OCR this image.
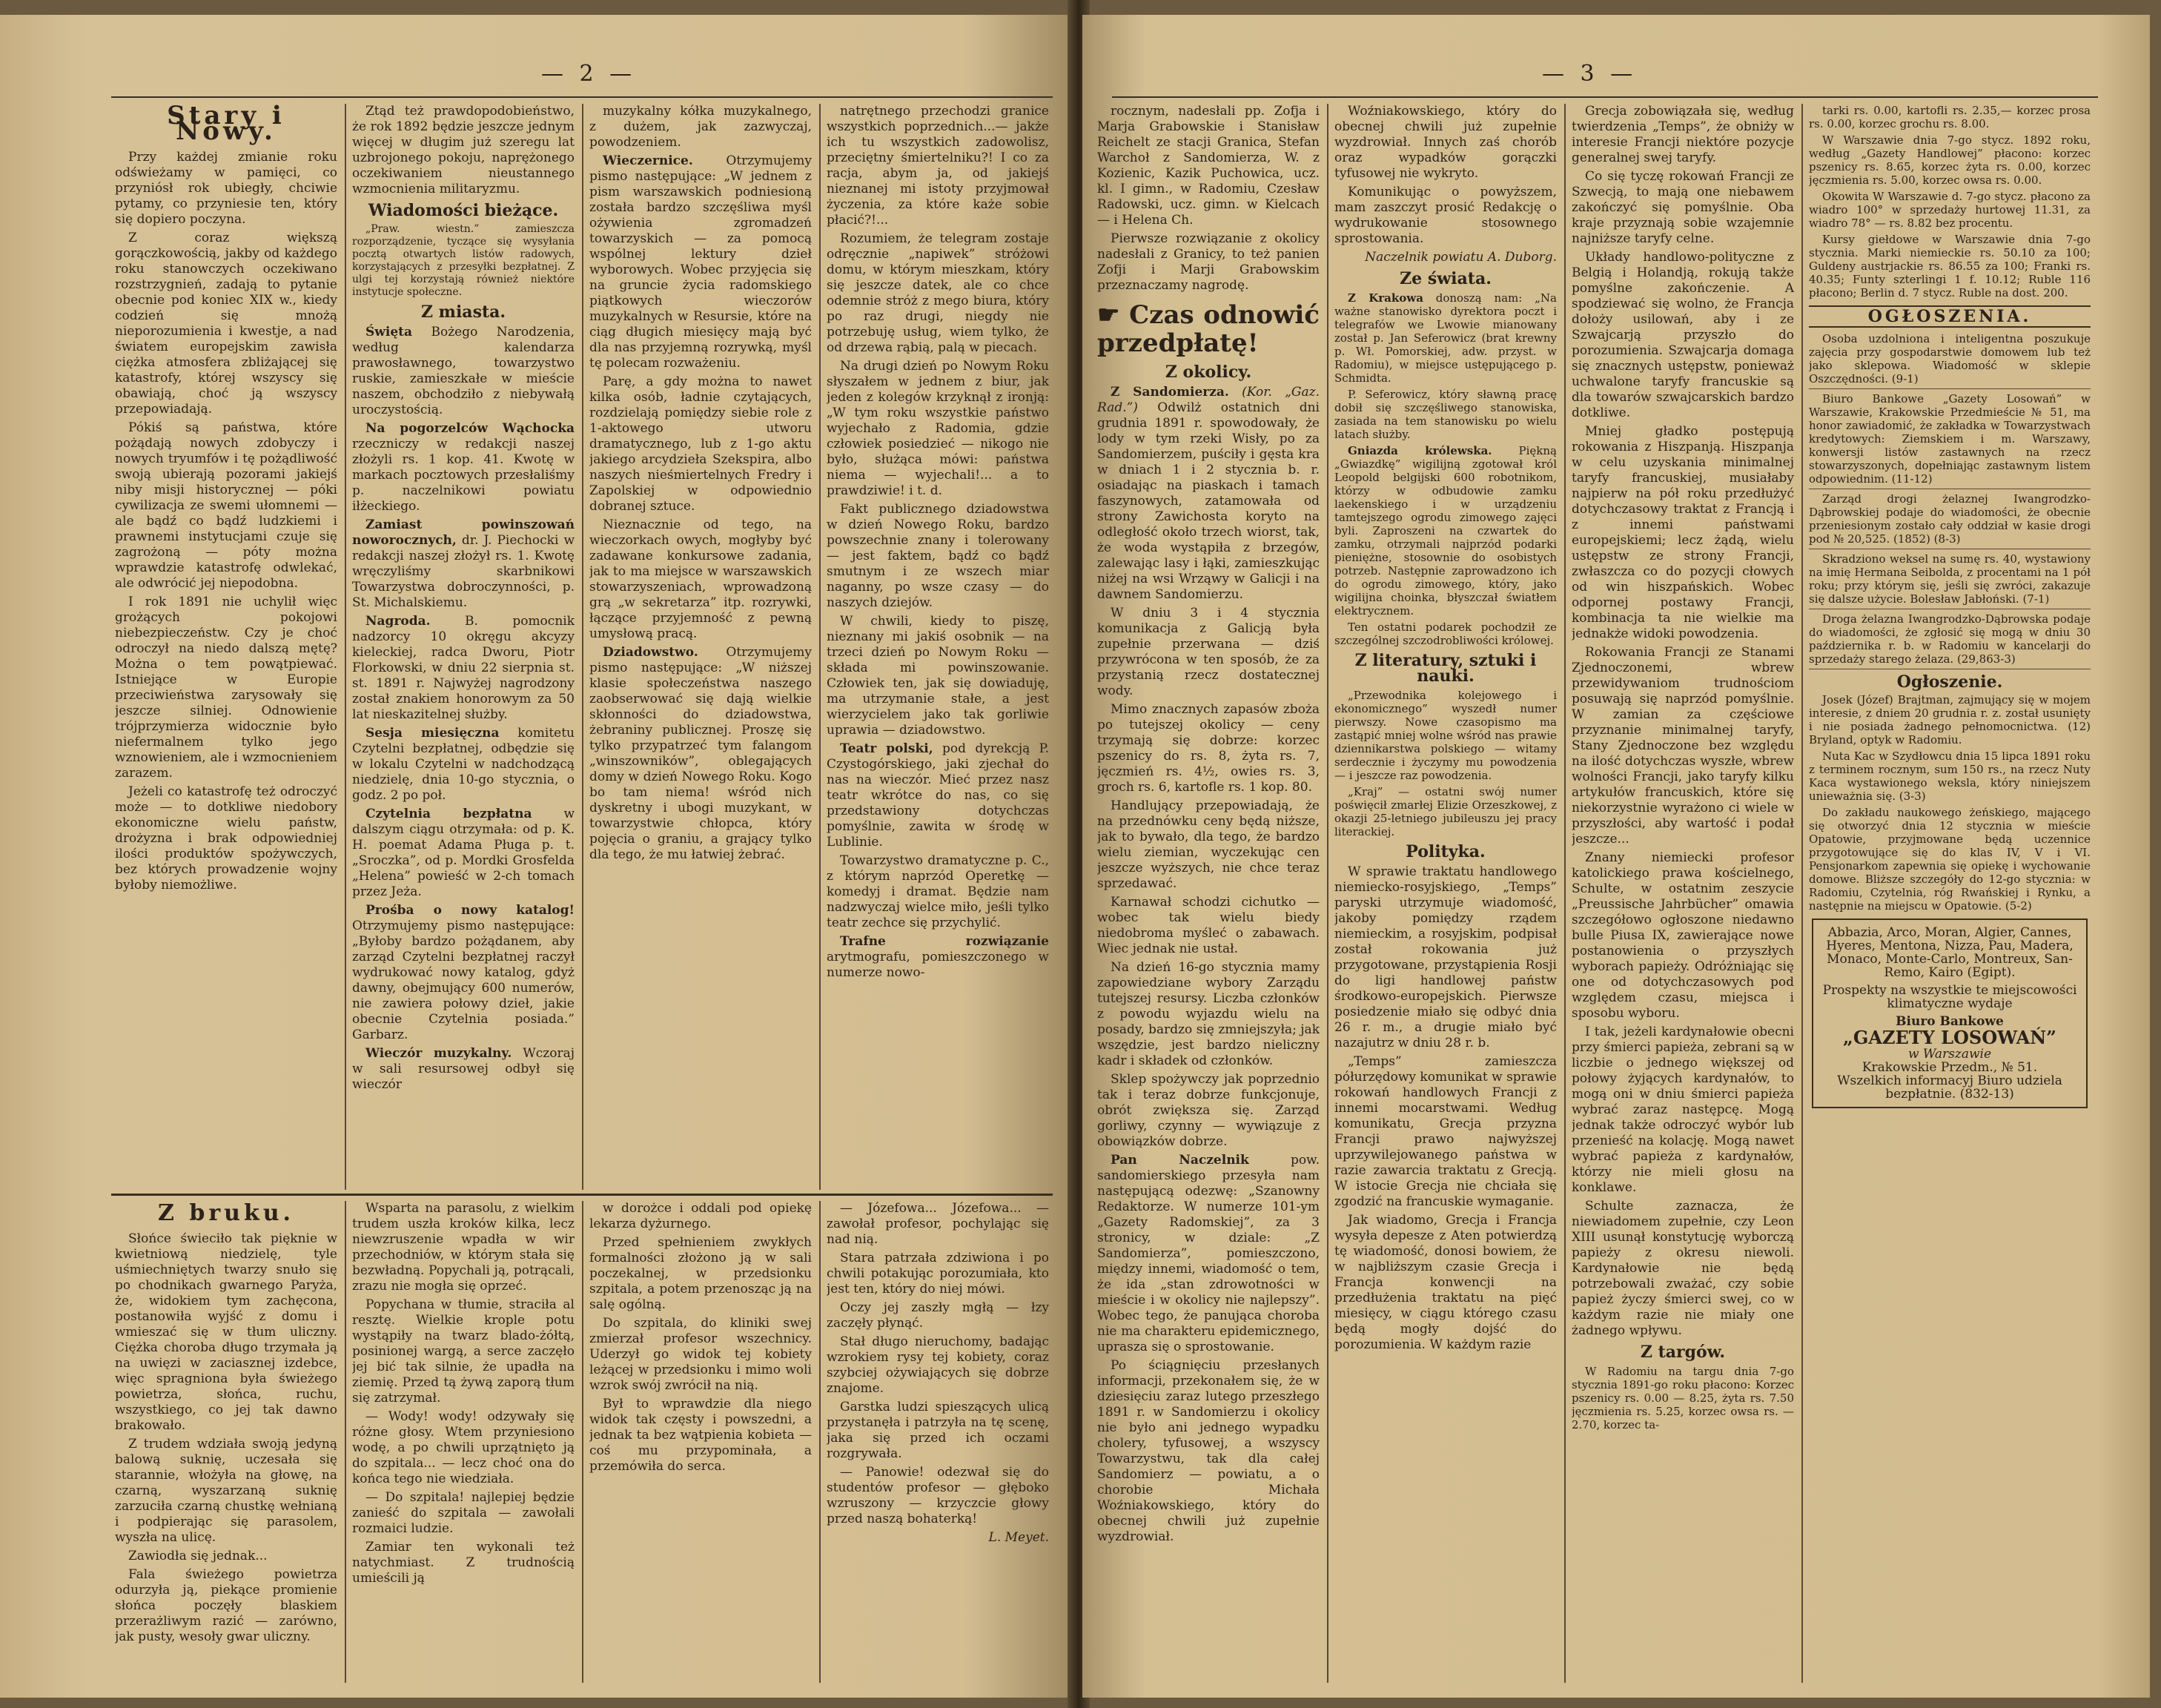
— 2 —
Stary i Nowy.

Przy każdej zmianie roku odświeżamy w pamięci, co przyniósł rok ubiegły, chciwie pytamy, co przyniesie ten, który się dopiero poczyna.

Z coraz większą gorączkowością, jakby od każdego roku stanowczych oczekiwano rozstrzygnień, zadają to pytanie obecnie pod koniec XIX w., kiedy codzień się mnożą nieporozumienia i kwestje, a nad światem europejskim zawisła ciężka atmosfera zbliżającej się katastrofy, której wszyscy się obawiają, choć ją wszyscy przepowiadają.

Pókiś są państwa, które pożądają nowych zdobyczy i nowych tryumfów i tę pożądliwość swoją ubierają pozorami jakiejś niby misji historycznej — póki cywilizacja ze swemi ułomnemi — ale bądź co bądź ludzkiemi i prawnemi instytucjami czuje się zagrożoną — póty można wprawdzie katastrofę odwlekać, ale odwrócić jej niepodobna.

I rok 1891 nie uchylił więc grożących pokojowi niebezpieczeństw. Czy je choć odroczył na niedo dalszą mętę? Można o tem powątpiewać. Istniejące w Europie przeciwieństwa zarysowały się jeszcze silniej. Odnowienie trójprzymierza widocznie było niefermalnem tylko jego wznowieniem, ale i wzmocnieniem zarazem.

Jeżeli co katastrofę też odroczyć może — to dotkliwe niedobory ekonomiczne wielu państw, drożyzna i brak odpowiedniej ilości produktów spożywczych, bez których prowadzenie wojny byłoby niemożliwe.

Ztąd też prawdopodobieństwo, że rok 1892 będzie jeszcze jednym więcej w długim już szeregu lat uzbrojonego pokoju, naprężonego oczekiwaniem nieustannego wzmocnienia militaryzmu.

Wiadomości bieżące.

„Praw. wiestn.” zamieszcza rozporządzenie, tyczące się wysyłania pocztą otwartych listów radowych, korzystających z przesyłki bezpłatnej. Z ulgi tej korzystają również niektóre instytucje społeczne.

Z miasta.

Święta Bożego Narodzenia, według kalendarza prawosławnego, towarzystwo ruskie, zamieszkałe w mieście naszem, obchodziło z niebywałą uroczystością.

Na pogorzelców Wąchocka rzeczniczy w redakcji naszej złożyli rs. 1 kop. 41. Kwotę w markach pocztowych przesłaliśmy p. naczelnikowi powiatu iłżeckiego.

Zamiast powinszowań noworocznych, dr. J. Piechocki w redakcji naszej złożył rs. 1. Kwotę wręczyliśmy skarbnikowi Towarzystwa dobroczynności, p. St. Michalskiemu.

Nagroda.	B. pomocnik nadzorcy 10 okręgu akcyzy kieleckiej, radca Dworu, Piotr Florkowski, w dniu 22 sierpnia st. st. 1891 r. Najwyżej nagrodzony został znakiem honorowym za 50 lat nieskazitelnej służby.

Sesja miesięczna komitetu Czytelni bezpłatnej, odbędzie się w lokalu Czytelni w nadchodzącą niedzielę, dnia 10-go stycznia, o godz. 2 po poł.

Czytelnia bezpłatna	w dalszym ciągu otrzymała: od p. K. H. poemat Adama Pługa p. t. „Sroczka”, od p. Mordki Grosfelda „Helena” powieść w 2-ch tomach przez Jeża.

Prośba o nowy katalog! Otrzymujemy pismo następujące: „Byłoby bardzo pożądanem, aby zarząd Czytelni bezpłatnej raczył wydrukować nowy katalog, gdyż dawny, obejmujący 600 numerów, nie zawiera połowy dzieł, jakie obecnie Czytelnia posiada.” Garbarz.

Wieczór muzykalny. Wczoraj w sali resursowej odbył się wieczór

muzykalny kółka muzykalnego, z dużem, jak zazwyczaj, powodzeniem.

Wieczernice.	Otrzymujemy pismo następujące: „W jednem z pism warszawskich podniesioną została bardzo szczęśliwa myśl ożywienia zgromadzeń towarzyskich — za pomocą wspólnej lektury dzieł wyborowych. Wobec przyjęcia się na gruncie życia radomskiego piątkowych wieczorów muzykalnych w Resursie, które na ciąg długich miesięcy mają być dla nas przyjemną rozrywką, myśl tę polecam rozważeniu.

Parę, a gdy można to nawet kilka osób, ładnie czytających, rozdzielają pomiędzy siebie role z 1-aktowego utworu dramatycznego, lub z 1-go aktu jakiego arcydzieła Szekspira, albo naszych nieśmiertelnych Fredry i Zapolskiej w odpowiednio dobranej sztuce.

Nieznacznie od tego, na wieczorkach owych, mogłyby być zadawane konkursowe zadania, jak to ma miejsce w warszawskich stowarzyszeniach, wprowadzoną grą „w sekretarza” itp. rozrywki, łączące przyjemność z pewną umysłową pracą.

Dziadowstwo. Otrzymujemy pismo następujące: „W niższej klasie społeczeństwa naszego zaobserwować się dają wielkie skłonności do dziadowstwa, żebraniny publicznej. Proszę się tylko przypatrzeć tym falangom „winszowników”, oblegających domy w dzień Nowego Roku. Kogo bo tam niema! wśród nich dyskretny i ubogi muzykant, w towarzystwie chłopca, który pojęcia o graniu, a grający tylko dla tego, że mu łatwiej żebrać.

natrętnego przechodzi granice wszystkich poprzednich...— jakże ich tu wszystkich zadowolisz, przeciętny śmiertelniku?! I co za racja, abym ja, od jakiejś nieznanej mi istoty przyjmował życzenia, za które każe sobie płacić?!...

Rozumiem, że telegram zostaje odręcznie „napiwek” stróżowi domu, w którym mieszkam, który się jeszcze datek, ale co chce odemnie stróż z mego biura, który po raz drugi, niegdy nie potrzebuję usług, wiem tylko, że od drzewa rąbią, palą w piecach.

Na drugi dzień po Nowym Roku słyszałem w jednem z biur, jak jeden z kolegów krzyknął z ironją: „W tym roku wszystkie państwo wyjechało z Radomia, gdzie człowiek posiedzieć — nikogo nie było, służąca mówi: państwa niema — wyjechali!... a to prawdziwie! i t. d.

Fakt publicznego dziadowstwa w dzień Nowego Roku, bardzo powszechnie znany i tolerowany — jest faktem, bądź co bądź smutnym i ze wszech miar naganny, po wsze czasy — do naszych dziejów.

W chwili, kiedy to piszę, nieznany mi jakiś osobnik — na trzeci dzień po Nowym Roku — składa mi powinszowanie. Człowiek ten, jak się dowiaduję, ma utrzymanie stałe, a jest wierzycielem jako tak gorliwie uprawia — dziadowstwo.

Teatr polski, pod dyrekcją P. Czystogórskiego, jaki zjechał do nas na wieczór. Mieć przez nasz teatr wkrótce do nas, co się przedstawiony dotychczas pomyślnie, zawita w środę w Lublinie.

Towarzystwo dramatyczne p. C., z którym naprzód Operetkę — komedyj i dramat. Będzie nam nadzwyczaj wielce miło, jeśli tylko teatr zechce się przychylić.

Trafne rozwiązanie arytmografu, pomieszczonego w numerze nowo-

Z bruku.

Słońce świeciło tak pięknie w kwietniową niedzielę, tyle uśmiechniętych twarzy snuło się po chodnikach gwarnego Paryża, że, widokiem tym zachęcona, postanowiła wyjść z domu i wmieszać się w tłum uliczny. Ciężka choroba długo trzymała ją na uwięzi w zaciasznej izdebce, więc spragniona była świeżego powietrza, słońca, ruchu, wszystkiego, co jej tak dawno brakowało.

Z trudem wdziała swoją jedyną balową suknię, uczesała się starannie, włożyła na głowę, na czarną, wyszarzaną suknię zarzuciła czarną chustkę wełnianą i podpierając się parasolem, wyszła na ulicę.

Zawiodła się jednak...

Fala świeżego powietrza odurzyła ją, piekące promienie słońca poczęły blaskiem przerażliwym razić — zarówno, jak pusty, wesoły gwar uliczny.

Wsparta na parasolu, z wielkim trudem uszła kroków kilka, lecz niewzruszenie wpadła w wir przechodniów, w którym stała się bezwładną. Popychali ją, potrącali, zrazu nie mogła się oprzeć.

Popychana w tłumie, straciła al resztę. Wielkie krople potu wystąpiły na twarz blado-żółtą, posinionej wargą, a serce zaczęło jej bić tak silnie, że upadła na ziemię. Przed tą żywą zaporą tłum się zatrzymał.

— Wody! wody! odzywały się różne głosy. Wtem przyniesiono wodę, a po chwili uprzątnięto ją do szpitala... — lecz choć ona do końca tego nie wiedziała.

— Do szpitala! najlepiej będzie zanieść do szpitala — zawołali rozmaici ludzie.

Zamiar ten wykonali też natychmiast. Z trudnością umieścili ją

w dorożce i oddali pod opiekę lekarza dyżurnego.

Przed spełnieniem zwykłych formalności złożono ją w sali poczekalnej, w przedsionku szpitala, a potem przenosząc ją na salę ogólną.

Do szpitala, do kliniki swej zmierzał profesor wszechnicy. Uderzył go widok tej kobiety leżącej w przedsionku i mimo woli wzrok swój zwrócił na nią.

Był to wprawdzie dla niego widok tak częsty i powszedni, a jednak ta bez wątpienia kobieta — coś mu przypominała, a przemówiła do serca.

— Józefowa... Józefowa... — zawołał profesor, pochylając się nad nią.

Stara patrzała zdziwiona i po chwili potakując porozumiała, kto jest ten, który do niej mówi.

Oczy jej zaszły mgłą — łzy zaczęły płynąć.

Stał długo nieruchomy, badając wzrokiem rysy tej kobiety, coraz szybciej ożywiających się dobrze znajome.

Garstka ludzi spieszących ulicą przystanęła i patrzyła na tę scenę, jaka się przed ich oczami rozgrywała.

— Panowie! odezwał się do studentów profesor — głęboko wzruszony — krzyczcie głowy przed naszą bohaterką!

L. Meyet.

— 3 —

rocznym, nadesłali pp. Zofja i Marja Grabowskie i Stanisław Reichelt ze stacji Granica, Stefan Warchoł z Sandomierza, W. z Kozienic, Kazik Puchowica, ucz. kl. I gimn., w Radomiu, Czesław Radowski, ucz. gimn. w Kielcach — i Helena Ch.

Pierwsze rozwiązanie z okolicy nadesłali z Granicy, to też panien Zofji i Marji Grabowskim przeznaczamy nagrodę.

☛ Czas odnowić przedpłatę!
Z okolicy.

Z Sandomierza. (Kor. „Gaz. Rad.”) Odwilż ostatnich dni grudnia 1891 r. spowodowały, że lody w tym rzeki Wisły, po za Sandomierzem, puściły i gęsta kra w dniach 1 i 2 stycznia b. r. osiadając na piaskach i tamach faszynowych, zatamowała od strony Zawichosta koryto na odległość około trzech wiorst, tak, że woda wystąpiła z brzegów, zalewając lasy i łąki, zamieszkując niżej na wsi Wrząwy w Galicji i na dawnem Sandomierzu.

W dniu 3 i 4 stycznia komunikacja z Galicją była zupełnie przerwana — dziś przywrócona w ten sposób, że za przystanią rzecz dostatecznej wody.

Mimo znacznych zapasów zboża po tutejszej okolicy — ceny trzymają się dobrze: korzec pszenicy do rs. 8, żyta rs. 7, jęczmień rs. 4½, owies rs. 3, groch rs. 6, kartofle rs. 1 kop. 80.

Handlujący przepowiadają, że na przednówku ceny będą niższe, jak to bywało, dla tego, że bardzo wielu ziemian, wyczekując cen jeszcze wyższych, nie chce teraz sprzedawać.

Karnawał schodzi cichutko — wobec tak wielu biedy niedobroma myśleć o zabawach. Wiec jednak nie ustał.

Na dzień 16-go stycznia mamy zapowiedziane wybory Zarządu tutejszej resursy. Liczba członków z powodu wyjazdu wielu na posady, bardzo się zmniejszyła; jak wszędzie, jest bardzo nieliczny kadr i składek od członków.

Sklep spożywczy jak poprzednio tak i teraz dobrze funkcjonuje, obrót zwiększa się. Zarząd gorliwy, czynny — wywiązuje z obowiązków dobrze.

Pan Naczelnik	pow. sandomierskiego przesyła nam następującą odezwę: „Szanowny Redaktorze. W numerze 101-ym „Gazety Radomskiej”, za 3 stronicy, w dziale: „Z Sandomierza”, pomieszczono, między innemi, wiadomość o tem, że ida „stan zdrowotności w mieście i w okolicy nie najlepszy”. Wobec tego, że panująca choroba nie ma charakteru epidemicznego, uprasza się o sprostowanie.

Po ściągnięciu przesłanych informacji, przekonałem się, że w dziesięciu zaraz lutego przeszłego 1891 r. w Sandomierzu i okolicy nie było ani jednego wypadku cholery, tyfusowej, a wszyscy Towarzystwu, tak dla całej Sandomierz — powiatu, a o chorobie Michała Woźniakowskiego, który do obecnej chwili już zupełnie wyzdrowiał.

Woźniakowskiego, który do obecnej chwili już zupełnie wyzdrowiał. Innych zaś chorób oraz wypadków gorączki tyfusowej nie wykryto.

Komunikując o powyższem, mam zaszczyt prosić Redakcję o wydrukowanie stosownego sprostowania.

Naczelnik powiatu A. Duborg.

Ze świata.

Z Krakowa donoszą nam: „Na ważne stanowisko dyrektora poczt i telegrafów we Lwowie mianowany został p. Jan Seferowicz (brat krewny p. Wł. Pomorskiej, adw. przyst. w Radomiu), w miejsce ustępującego p. Schmidta.

P. Seferowicz, który sławną pracę dobił się szczęśliwego stanowiska, zasiada na tem stanowisku po wielu latach służby.

Gniazda królewska. Piękną „Gwiazdkę” wigilijną zgotował król Leopold belgijski 600 robotnikom, którzy w odbudowie zamku laekenskiego i w urządzeniu tamtejszego ogrodu zimowego zajęci byli. Zaproszeni na czwartek do zamku, otrzymali najprzód podarki pieniężne, stosownie do osobistych potrzeb. Następnie zaprowadzono ich do ogrodu zimowego, który, jako wigilijna choinka, błyszczał światłem elektrycznem.

Ten ostatni podarek pochodził ze szczególnej szczodrobliwości królowej.

Z literatury, sztuki i nauki.

„Przewodnika kolejowego i ekonomicznego” wyszedł numer pierwszy. Nowe czasopismo ma zastąpić mniej wolne wśród nas prawie dziennikarstwa polskiego — witamy serdecznie i życzymy mu powodzenia — i jeszcze raz powodzenia.

„Kraj” — ostatni swój numer poświęcił zmarłej Elizie Orzeszkowej, z okazji 25-letniego jubileuszu jej pracy literackiej.

Polityka.

W sprawie traktatu handlowego niemiecko-rosyjskiego, „Temps” paryski utrzymuje wiadomość, jakoby pomiędzy rządem niemieckim, a rosyjskim, podpisał został rokowania już przygotowane, przystąpienia Rosji do ligi handlowej państw środkowo-europejskich. Pierwsze posiedzenie miało się odbyć dnia 26 r. m., a drugie miało być nazajutrz w dniu 28 r. b.

„Temps” zamieszcza półurzędowy komunikat w sprawie rokowań handlowych Francji z innemi mocarstwami. Według komunikatu, Grecja przyzna Francji prawo najwyższej uprzywilejowanego państwa w razie zawarcia traktatu z Grecją. W istocie Grecja nie chciała się zgodzić na francuskie wymaganie.

Jak wiadomo, Grecja i Francja wysyła depesze z Aten potwierdzą tę wiadomość, donosi bowiem, że w najbliższym czasie Grecja i Francja konwencji na przedłużenia traktatu na pięć miesięcy, w ciągu którego czasu będą mogły dojść do porozumienia. W każdym razie

Grecja zobowiązała się, według twierdzenia „Temps”, że obniży w interesie Francji niektóre pozycje generalnej swej taryfy.

Co się tyczę rokowań Francji ze Szwecją, to mają one niebawem zakończyć się pomyślnie. Oba kraje przyznają sobie wzajemnie najniższe taryfy celne.

Układy handlowo-polityczne z Belgią i Holandją, rokują także pomyślne zakończenie. A spodziewać się wolno, że Francja dołoży usilowań, aby i ze Szwajcarją przyszło do porozumienia. Szwajcarja domaga się znacznych ustępstw, ponieważ uchwalone taryfy francuskie są dla towarów szwajcarskich bardzo dotkliwe.

Mniej gładko postępują rokowania z Hiszpanją. Hiszpanja w celu uzyskania minimalnej taryfy francuskiej, musiałaby najpierw na pół roku przedłużyć dotychczasowy traktat z Francją i z innemi państwami europejskiemi; lecz żądą, wielu ustępstw ze strony Francji, zwłaszcza co do pozycji cłowych od win hiszpańskich. Wobec odpornej postawy Francji, kombinacja ta nie wielkie ma jednakże widoki powodzenia.

Rokowania Francji ze Stanami Zjednoczonemi, wbrew przewidywaniom trudnościom posuwają się naprzód pomyślnie. W zamian za częściowe przyznanie minimalnej taryfy, Stany Zjednoczone bez względu na ilość dotychczas wyszłe, wbrew wolności Francji, jako taryfy kilku artykułów francuskich, które się niekorzystnie wyrażono ci wiele w przyszłości, aby wartość i podał jeszcze...

Znany niemiecki profesor katolickiego prawa kościelnego, Schulte, w ostatnim zeszycie „Preussische Jahrbücher” omawia szczegółowo ogłoszone niedawno bulle Piusa IX, zawierające nowe postanowienia o przyszłych wyborach papieży. Odróżniając się one od dotychczasowych pod względem czasu, miejsca i sposobu wyboru.

I tak, jeżeli kardynałowie obecni przy śmierci papieża, zebrani są w liczbie o jednego większej od połowy żyjących kardynałów, to mogą oni w dniu śmierci papieża wybrać zaraz następcę. Mogą jednak także odroczyć wybór lub przenieść na kolację. Mogą nawet wybrać papieża z kardynałów, którzy nie mieli głosu na konklawe.

Schulte zaznacza, że niewiadomem zupełnie, czy Leon XIII usunął konstytucję wyborczą papieży z okresu niewoli. Kardynałowie nie będą potrzebowali zważać, czy sobie papież życzy śmierci swej, co w każdym razie nie miały one żadnego wpływu.

Z targów.

W Radomiu na targu dnia 7-go stycznia 1891-go roku płacono: Korzec pszenicy rs. 0.00 — 8.25, żyta rs. 7.50 jęczmienia rs. 5.25, korzec owsa rs. — 2.70, korzec ta-

tarki rs. 0.00, kartofli rs. 2.35,— korzec prosa rs. 0.00, korzec grochu rs. 8.00.

W Warszawie dnia 7-go stycz. 1892 roku, według „Gazety Handlowej” płacono: korzec pszenicy rs. 8.65, korzec żyta rs. 0.00, korzec jęczmienia rs. 5.00, korzec owsa rs. 0.00.

Okowita W Warszawie d. 7-go stycz. płacono za wiadro 100° w sprzedaży hurtowej 11.31, za wiadro 78° — rs. 8.82 bez procentu.

Kursy giełdowe w Warszawie dnia 7-go stycznia. Marki niemieckie rs. 50.10 za 100; Guldeny austrjackie rs. 86.55 za 100; Franki rs. 40.35; Funty szterlingi 1 f. 10.12; Ruble 116 płacono; Berlin d. 7 stycz. Ruble na dost. 200.

OGŁOSZENIA.

Osoba uzdolniona i inteligentna poszukuje zajęcia przy gospodarstwie domowem lub też jako sklepowa. Wiadomość w sklepie Oszczędności. (9-1)

Biuro Bankowe „Gazety Losowań” w Warszawie, Krakowskie Przedmieście № 51, ma honor zawiadomić, że zakładka w Towarzystwach kredytowych: Ziemskiem i m. Warszawy, konwersji listów zastawnych na rzecz stowarzyszonych, dopełniając zastawnym listem odpowiednim. (11-12)

Zarząd drogi żelaznej Iwangrodzko-Dąbrowskiej podaje do wiadomości, że obecnie przeniesionym zostało cały oddział w kasie drogi pod № 20,525. (1852) (8-3)

Skradziono weksel na sumę rs. 40, wystawiony na imię Hermana Seibolda, z procentami na 1 pół roku; przy którym się, jeśli się zwróci, zakazuje się dalsze użycie. Bolesław Jabłoński. (7-1)

Droga żelazna Iwangrodzko-Dąbrowska podaje do wiadomości, że zgłosić się mogą w dniu 30 października r. b. w Radomiu w kancelarji do sprzedaży starego żelaza. (29,863-3)

Ogłoszenie.

Josek (Józef) Brajtman, zajmujący się w mojem interesie, z dniem 20 grudnia r. z. został usunięty i nie posiada żadnego pełnomocnictwa. (12) Bryland, optyk w Radomiu.

Nuta Kac w Szydłowcu dnia 15 lipca 1891 roku z terminem rocznym, sum 150 rs., na rzecz Nuty Kaca wystawionego weksla, który niniejszem unieważnia się. (3-3)

Do zakładu naukowego żeńskiego, mającego się otworzyć dnia 12 stycznia w mieście Opatowie, przyjmowane będą uczennice przygotowujące się do klas IV, V i VI. Pensjonarkom zapewnia się opiekę i wychowanie domowe. Bliższe szczegóły do 12-go stycznia: w Radomiu, Czytelnia, róg Rwańskiej i Rynku, a następnie na miejscu w Opatowie. (5-2)

Abbazia, Arco, Moran, Algier, Cannes, Hyeres, Mentona, Nizza, Pau, Madera, Monaco, Monte-Carlo, Montreux, San-Remo, Kairo (Egipt).
Prospekty na wszystkie te miejscowości klimatyczne wydaje
Biuro Bankowe
„GAZETY LOSOWAŃ”
w Warszawie
Krakowskie Przedm., № 51.
Wszelkich informacyj Biuro udziela bezpłatnie. (832-13)
